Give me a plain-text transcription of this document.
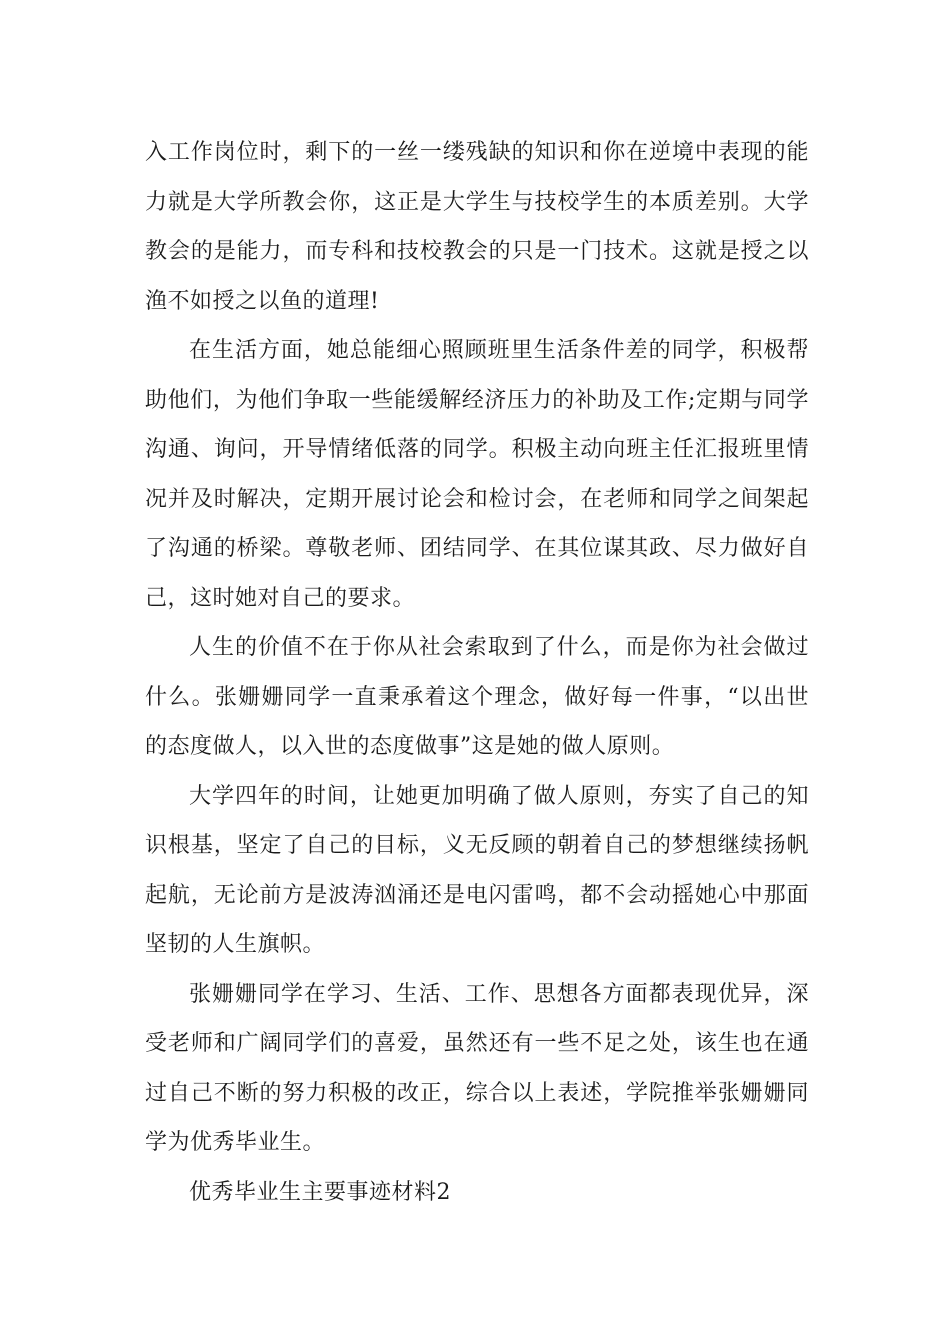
入工作岗位时，剩下的一丝一缕残缺的知识和你在逆境中表现的能力就是大学所教会你，这正是大学生与技校学生的本质差别。大学教会的是能力，而专科和技校教会的只是一门技术。这就是授之以渔不如授之以鱼的道理!

在生活方面，她总能细心照顾班里生活条件差的同学，积极帮助他们，为他们争取一些能缓解经济压力的补助及工作;定期与同学沟通、询问，开导情绪低落的同学。积极主动向班主任汇报班里情况并及时解决，定期开展讨论会和检讨会，在老师和同学之间架起了沟通的桥梁。尊敬老师、团结同学、在其位谋其政、尽力做好自己，这时她对自己的要求。

人生的价值不在于你从社会索取到了什么，而是你为社会做过什么。张姗姗同学一直秉承着这个理念，做好每一件事，“以出世的态度做人，以入世的态度做事”这是她的做人原则。

大学四年的时间，让她更加明确了做人原则，夯实了自己的知识根基，坚定了自己的目标，义无反顾的朝着自己的梦想继续扬帆起航，无论前方是波涛汹涌还是电闪雷鸣，都不会动摇她心中那面坚韧的人生旗帜。

张姗姗同学在学习、生活、工作、思想各方面都表现优异，深受老师和广阔同学们的喜爱，虽然还有一些不足之处，该生也在通过自己不断的努力积极的改正，综合以上表述，学院推举张姗姗同学为优秀毕业生。

优秀毕业生主要事迹材料2
